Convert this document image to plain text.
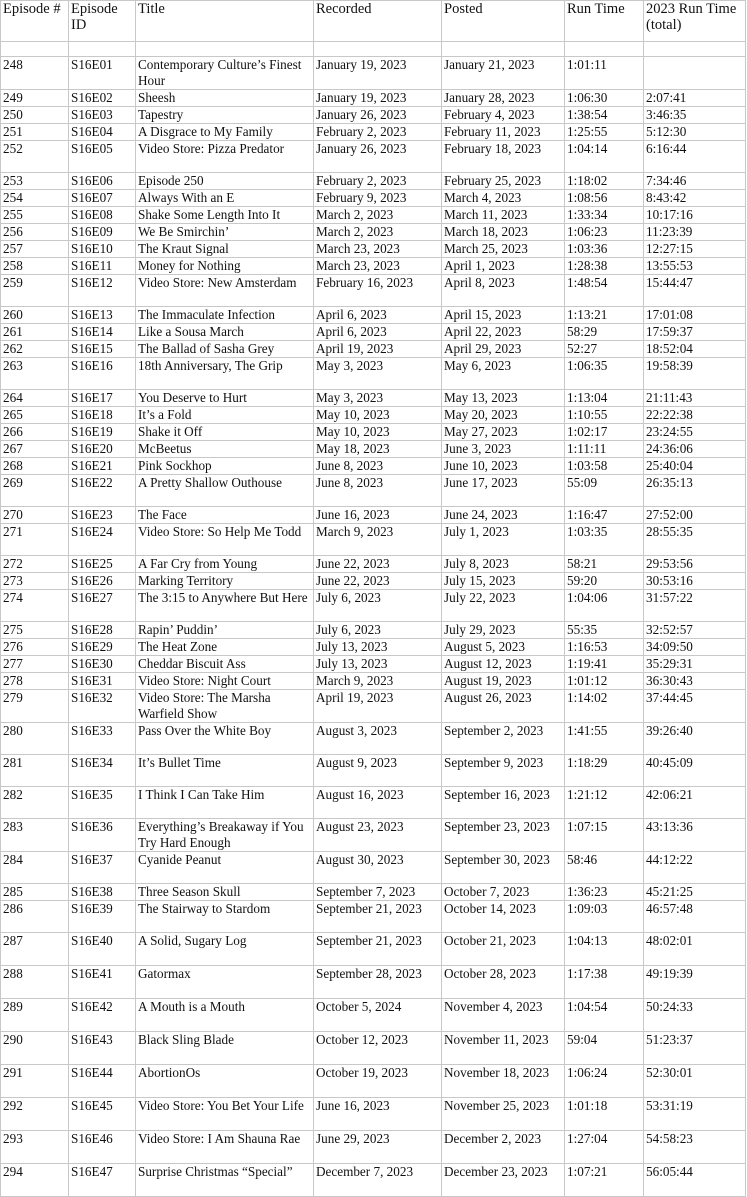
Episode #	Episode ID	Title	Recorded	Posted	Run Time	2023 Run Time (total)

248	S16E01	Contemporary Culture’s Finest Hour	January 19, 2023	January 21, 2023	1:01:11	
249	S16E02	Sheesh	January 19, 2023	January 28, 2023	1:06:30	2:07:41
250	S16E03	Tapestry	January 26, 2023	February 4, 2023	1:38:54	3:46:35
251	S16E04	A Disgrace to My Family	February 2, 2023	February 11, 2023	1:25:55	5:12:30
252	S16E05	Video Store: Pizza Predator	January 26, 2023	February 18, 2023	1:04:14	6:16:44
253	S16E06	Episode 250	February 2, 2023	February 25, 2023	1:18:02	7:34:46
254	S16E07	Always With an E	February 9, 2023	March 4, 2023	1:08:56	8:43:42
255	S16E08	Shake Some Length Into It	March 2, 2023	March 11, 2023	1:33:34	10:17:16
256	S16E09	We Be Smirchin’	March 2, 2023	March 18, 2023	1:06:23	11:23:39
257	S16E10	The Kraut Signal	March 23, 2023	March 25, 2023	1:03:36	12:27:15
258	S16E11	Money for Nothing	March 23, 2023	April 1, 2023	1:28:38	13:55:53
259	S16E12	Video Store: New Amsterdam	February 16, 2023	April 8, 2023	1:48:54	15:44:47
260	S16E13	The Immaculate Infection	April 6, 2023	April 15, 2023	1:13:21	17:01:08
261	S16E14	Like a Sousa March	April 6, 2023	April 22, 2023	58:29	17:59:37
262	S16E15	The Ballad of Sasha Grey	April 19, 2023	April 29, 2023	52:27	18:52:04
263	S16E16	18th Anniversary, The Grip	May 3, 2023	May 6, 2023	1:06:35	19:58:39
264	S16E17	You Deserve to Hurt	May 3, 2023	May 13, 2023	1:13:04	21:11:43
265	S16E18	It’s a Fold	May 10, 2023	May 20, 2023	1:10:55	22:22:38
266	S16E19	Shake it Off	May 10, 2023	May 27, 2023	1:02:17	23:24:55
267	S16E20	McBeetus	May 18, 2023	June 3, 2023	1:11:11	24:36:06
268	S16E21	Pink Sockhop	June 8, 2023	June 10, 2023	1:03:58	25:40:04
269	S16E22	A Pretty Shallow Outhouse	June 8, 2023	June 17, 2023	55:09	26:35:13
270	S16E23	The Face	June 16, 2023	June 24, 2023	1:16:47	27:52:00
271	S16E24	Video Store: So Help Me Todd	March 9, 2023	July 1, 2023	1:03:35	28:55:35
272	S16E25	A Far Cry from Young	June 22, 2023	July 8, 2023	58:21	29:53:56
273	S16E26	Marking Territory	June 22, 2023	July 15, 2023	59:20	30:53:16
274	S16E27	The 3:15 to Anywhere But Here	July 6, 2023	July 22, 2023	1:04:06	31:57:22
275	S16E28	Rapin’ Puddin’	July 6, 2023	July 29, 2023	55:35	32:52:57
276	S16E29	The Heat Zone	July 13, 2023	August 5, 2023	1:16:53	34:09:50
277	S16E30	Cheddar Biscuit Ass	July 13, 2023	August 12, 2023	1:19:41	35:29:31
278	S16E31	Video Store: Night Court	March 9, 2023	August 19, 2023	1:01:12	36:30:43
279	S16E32	Video Store: The Marsha Warfield Show	April 19, 2023	August 26, 2023	1:14:02	37:44:45
280	S16E33	Pass Over the White Boy	August 3, 2023	September 2, 2023	1:41:55	39:26:40
281	S16E34	It’s Bullet Time	August 9, 2023	September 9, 2023	1:18:29	40:45:09
282	S16E35	I Think I Can Take Him	August 16, 2023	September 16, 2023	1:21:12	42:06:21
283	S16E36	Everything’s Breakaway if You Try Hard Enough	August 23, 2023	September 23, 2023	1:07:15	43:13:36
284	S16E37	Cyanide Peanut	August 30, 2023	September 30, 2023	58:46	44:12:22
285	S16E38	Three Season Skull	September 7, 2023	October 7, 2023	1:36:23	45:21:25
286	S16E39	The Stairway to Stardom	September 21, 2023	October 14, 2023	1:09:03	46:57:48
287	S16E40	A Solid, Sugary Log	September 21, 2023	October 21, 2023	1:04:13	48:02:01
288	S16E41	Gatormax	September 28, 2023	October 28, 2023	1:17:38	49:19:39
289	S16E42	A Mouth is a Mouth	October 5, 2024	November 4, 2023	1:04:54	50:24:33
290	S16E43	Black Sling Blade	October 12, 2023	November 11, 2023	59:04	51:23:37
291	S16E44	AbortionOs	October 19, 2023	November 18, 2023	1:06:24	52:30:01
292	S16E45	Video Store: You Bet Your Life	June 16, 2023	November 25, 2023	1:01:18	53:31:19
293	S16E46	Video Store: I Am Shauna Rae	June 29, 2023	December 2, 2023	1:27:04	54:58:23
294	S16E47	Surprise Christmas “Special”	December 7, 2023	December 23, 2023	1:07:21	56:05:44
